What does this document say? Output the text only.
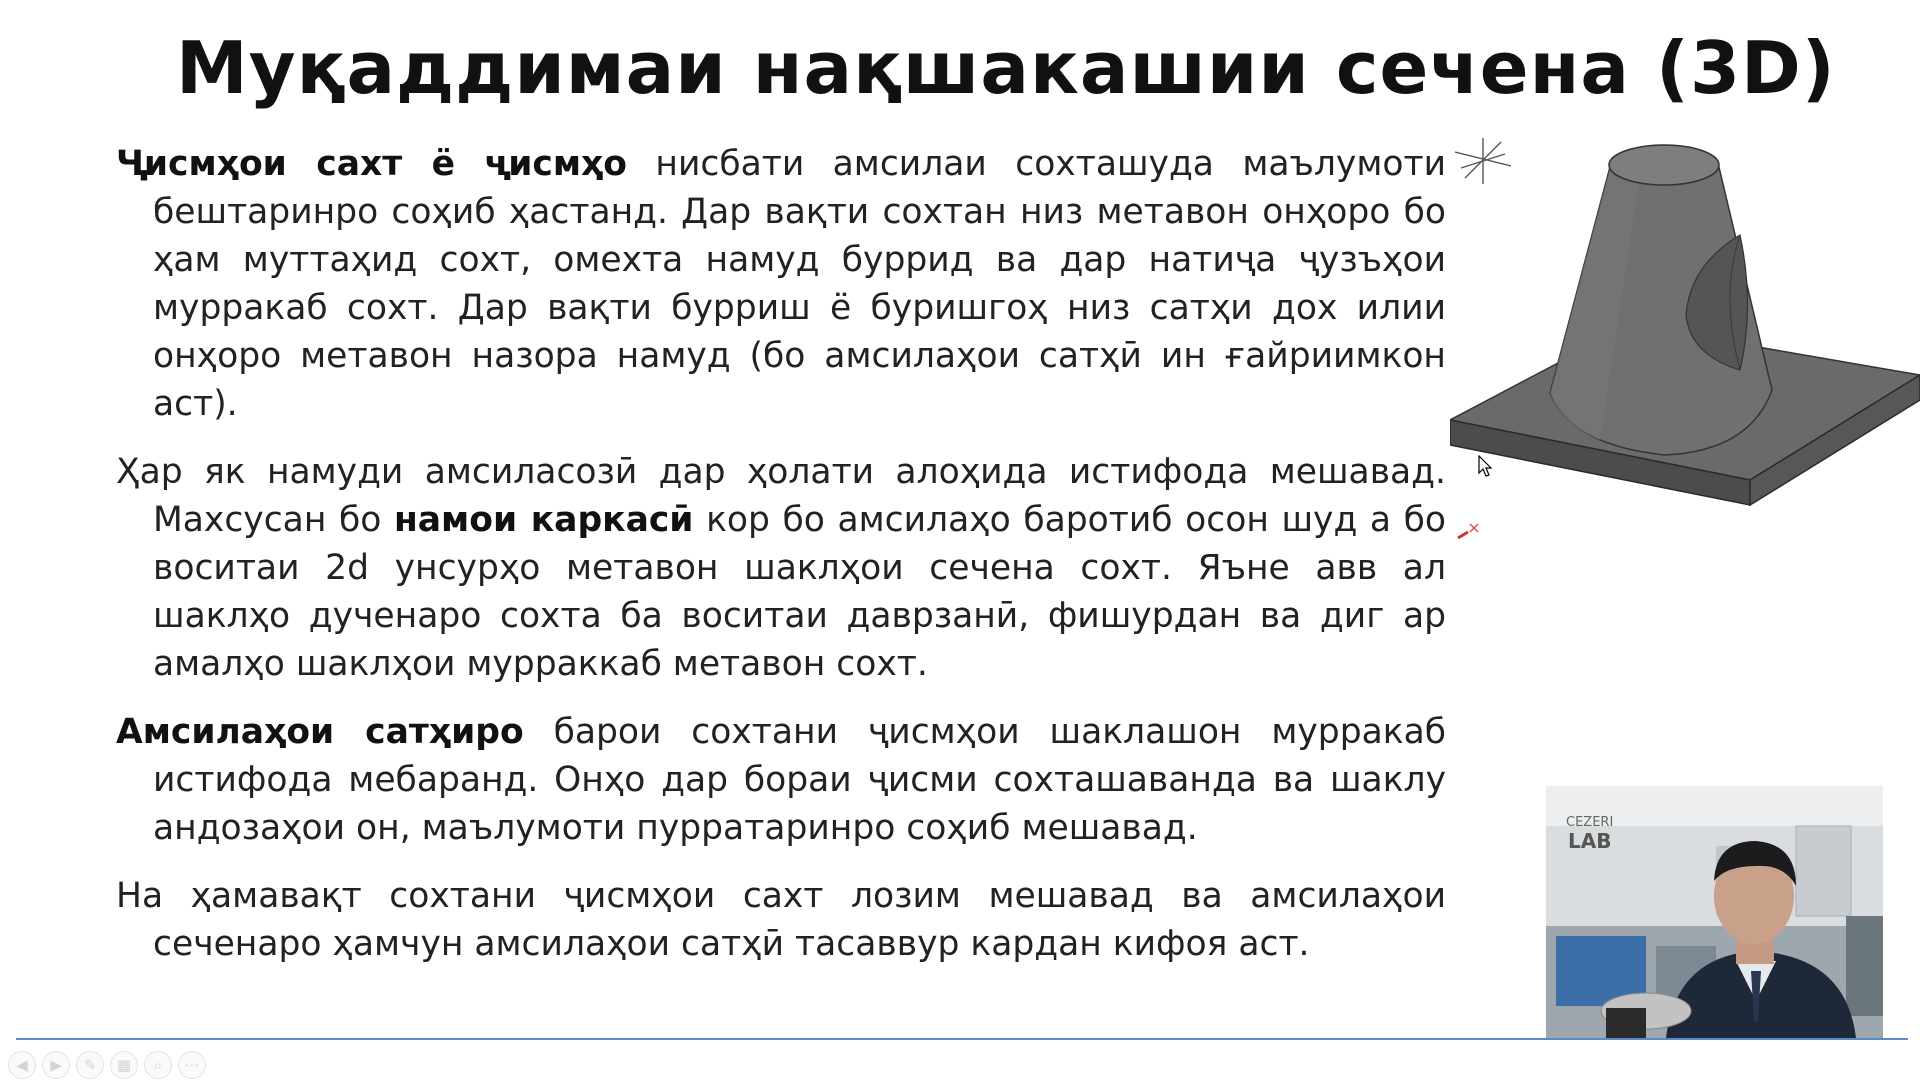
Муқаддимаи нақшакашии сечена (3D)

Ҷисмҳои сахт ё ҷисмҳо нисбати амсилаи сохташуда маълумоти бештаринро соҳиб ҳастанд. Дар вақти сохтан низ метавон онҳоро бо ҳам муттаҳид сохт, омехта намуд буррид ва дар натиҷа ҷузъҳои мурракаб сохт. Дар вақти бурриш ё буришгоҳ низ сатҳи дох илии онҳоро метавон назора намуд (бо амсилаҳои сатҳӣ ин ғайриимкон аст).

Ҳар як намуди амсиласозӣ дар ҳолати алоҳида истифода мешавад. Махсусан бо намои каркасӣ кор бо амсилаҳо баротиб осон шуд а бо воситаи 2d унсурҳо метавон шаклҳои сечена сохт. Яъне авв ал шаклҳо дученаро сохта ба воситаи даврзанӣ, фишурдан ва диг ар амалҳо шаклҳои мурраккаб метавон сохт.

Амсилаҳои сатҳиро барои сохтани ҷисмҳои шаклашон мурракаб истифода мебаранд. Онҳо дар бораи ҷисми сохташаванда ва шаклу андозаҳои он, маълумоти пурратаринро соҳиб мешавад.

На ҳамавақт сохтани ҷисмҳои сахт лозим мешавад ва амсилаҳои сеченаро ҳамчун амсилаҳои сатҳӣ тасаввур кардан кифоя аст.

CEZERI
LAB
◀	▶	✎	▦	⌕	⋯
